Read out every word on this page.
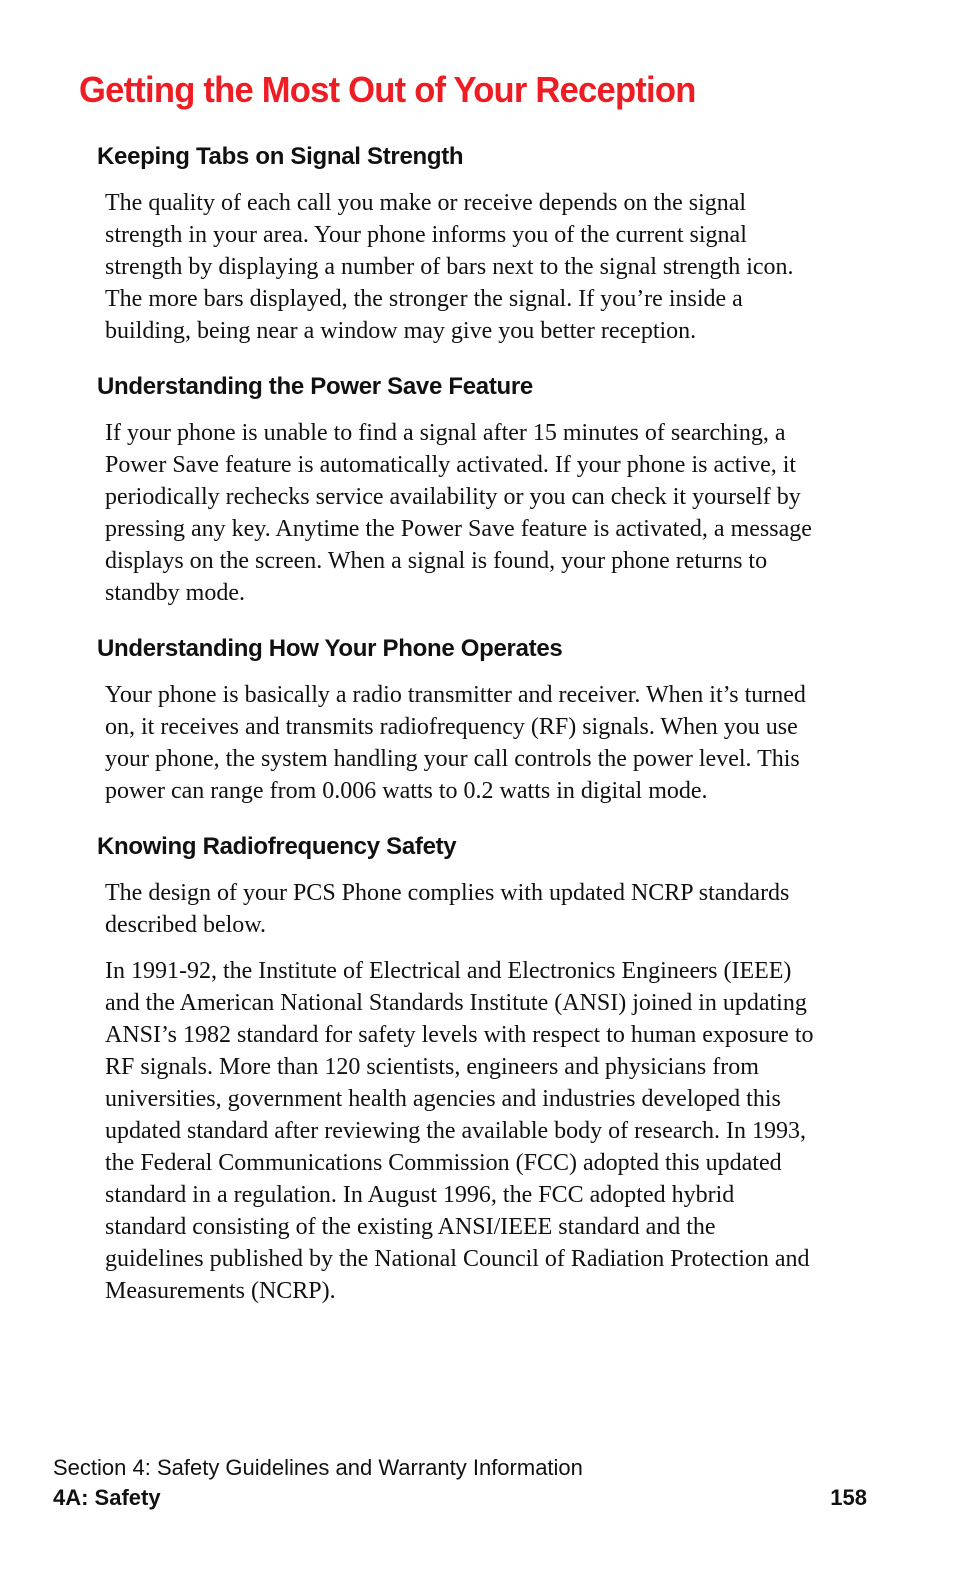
Getting the Most Out of Your Reception
Keeping Tabs on Signal Strength

The quality of each call you make or receive depends on the signal strength in your area. Your phone informs you of the current signal strength by displaying a number of bars next to the signal strength icon. The more bars displayed, the stronger the signal. If you’re inside a building, being near a window may give you better reception.

Understanding the Power Save Feature

If your phone is unable to find a signal after 15 minutes of searching, a Power Save feature is automatically activated. If your phone is active, it periodically rechecks service availability or you can check it yourself by pressing any key. Anytime the Power Save feature is activated, a message displays on the screen. When a signal is found, your phone returns to standby mode.

Understanding How Your Phone Operates

Your phone is basically a radio transmitter and receiver. When it’s turned on, it receives and transmits radiofrequency (RF) signals. When you use your phone, the system handling your call controls the power level. This power can range from 0.006 watts to 0.2 watts in digital mode.

Knowing Radiofrequency Safety

The design of your PCS Phone complies with updated NCRP standards described below.

In 1991-92, the Institute of Electrical and Electronics Engineers (IEEE) and the American National Standards Institute (ANSI) joined in updating ANSI’s 1982 standard for safety levels with respect to human exposure to RF signals. More than 120 scientists, engineers and physicians from universities, government health agencies and industries developed this updated standard after reviewing the available body of research. In 1993, the Federal Communications Commission (FCC) adopted this updated standard in a regulation. In August 1996, the FCC adopted hybrid standard consisting of the existing ANSI/IEEE standard and the guidelines published by the National Council of Radiation Protection and Measurements (NCRP).

Section 4: Safety Guidelines and Warranty Information
4A: Safety	158
